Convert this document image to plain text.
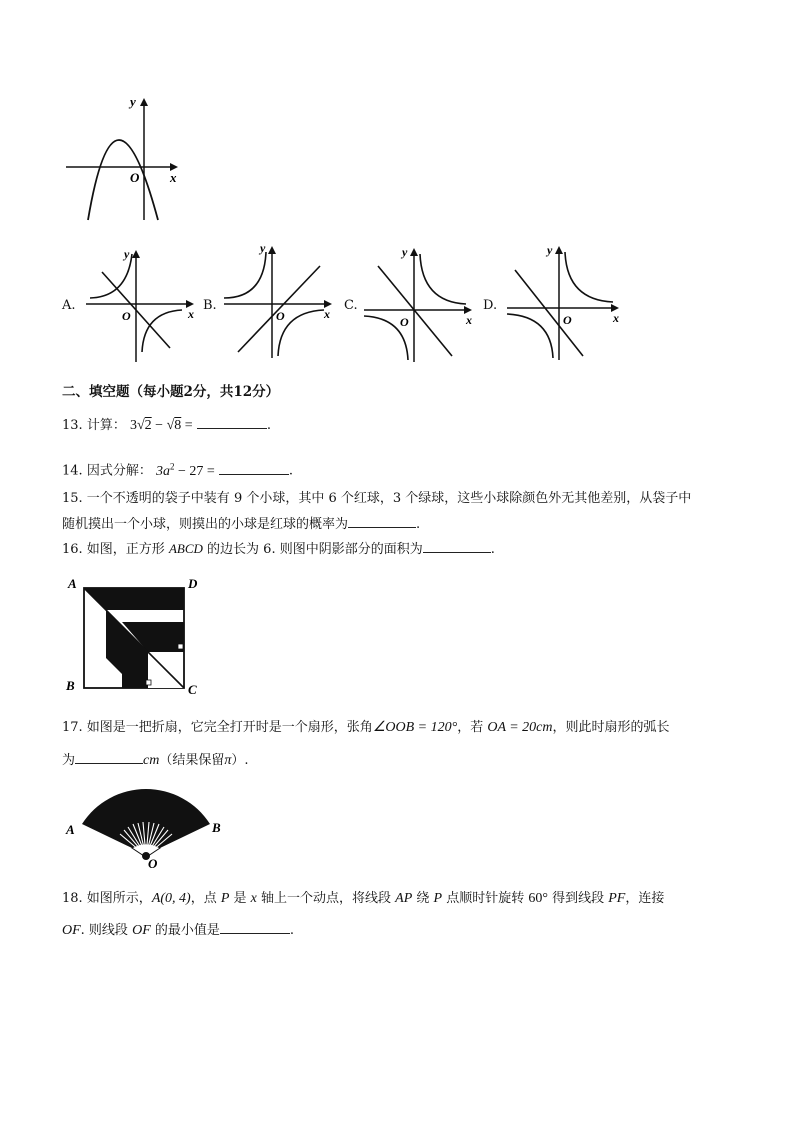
y
x
O
A.
y
x
O
B.
y
x
O
C.
y
x
O
D.
y
x
O
二、填空题（每小题2分，共12分）
13. 计算： 3√2 − √8 =	.
14. 因式分解： $3a^2 - 27$ =	.
15. 一个不透明的袋子中装有 9 个小球，其中 6 个红球，3 个绿球，这些小球除颜色外无其他差别，从袋子中
随机摸出一个小球，则摸出的小球是红球的概率为	.
16. 如图，正方形 ABCD 的边长为 6. 则图中阴影部分的面积为	.
A	D
B	C
17. 如图是一把折扇，它完全打开时是一个扇形，张角∠OOB = 120°，若 OA = 20cm，则此时扇形的弧长
为	cm（结果保留π）.
A	B
O
18. 如图所示，A(0, 4)，点 P 是 x 轴上一个动点，将线段 AP 绕 P 点顺时针旋转 60° 得到线段 PF，连接
OF. 则线段 OF 的最小值是	.
